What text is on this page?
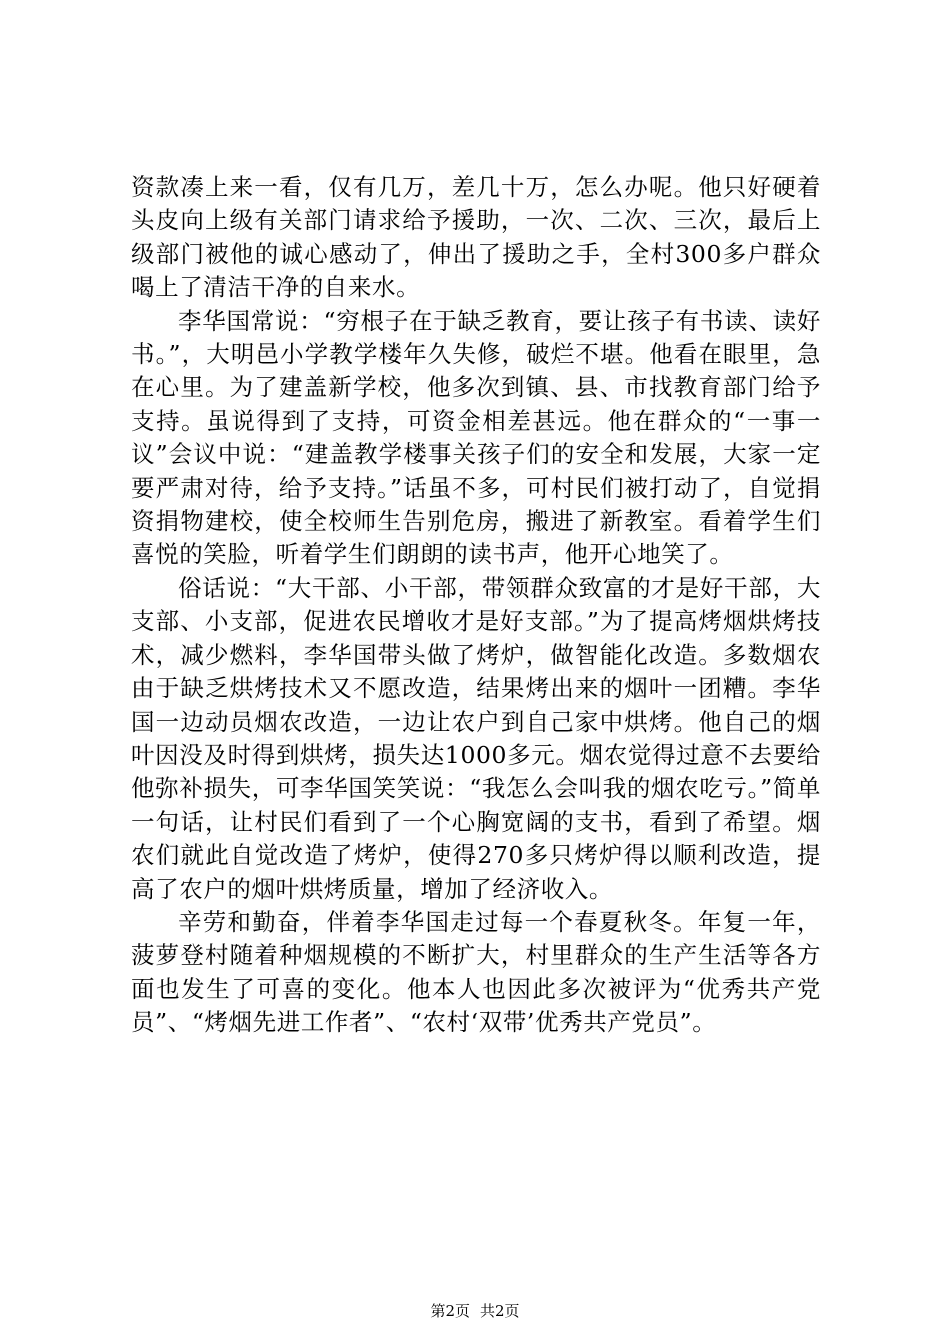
资款凑上来一看，仅有几万，差几十万，怎么办呢。他只好硬着头皮向上级有关部门请求给予援助，一次、二次、三次，最后上级部门被他的诚心感动了，伸出了援助之手，全村300多户群众喝上了清洁干净的自来水。

李华国常说：“穷根子在于缺乏教育，要让孩子有书读、读好书。”，大明邑小学教学楼年久失修，破烂不堪。他看在眼里，急在心里。为了建盖新学校，他多次到镇、县、市找教育部门给予支持。虽说得到了支持，可资金相差甚远。他在群众的“一事一议”会议中说：“建盖教学楼事关孩子们的安全和发展，大家一定要严肃对待，给予支持。”话虽不多，可村民们被打动了，自觉捐资捐物建校，使全校师生告别危房，搬进了新教室。看着学生们喜悦的笑脸，听着学生们朗朗的读书声，他开心地笑了。

俗话说：“大干部、小干部，带领群众致富的才是好干部，大支部、小支部，促进农民增收才是好支部。”为了提高烤烟烘烤技术，减少燃料，李华国带头做了烤炉，做智能化改造。多数烟农由于缺乏烘烤技术又不愿改造，结果烤出来的烟叶一团糟。李华国一边动员烟农改造，一边让农户到自己家中烘烤。他自己的烟叶因没及时得到烘烤，损失达1000多元。烟农觉得过意不去要给他弥补损失，可李华国笑笑说：“我怎么会叫我的烟农吃亏。”简单一句话，让村民们看到了一个心胸宽阔的支书，看到了希望。烟农们就此自觉改造了烤炉，使得270多只烤炉得以顺利改造，提高了农户的烟叶烘烤质量，增加了经济收入。

辛劳和勤奋，伴着李华国走过每一个春夏秋冬。年复一年，菠萝登村随着种烟规模的不断扩大，村里群众的生产生活等各方面也发生了可喜的变化。他本人也因此多次被评为“优秀共产党员”、“烤烟先进工作者”、“农村‘双带’优秀共产党员”。

第2页 共2页
